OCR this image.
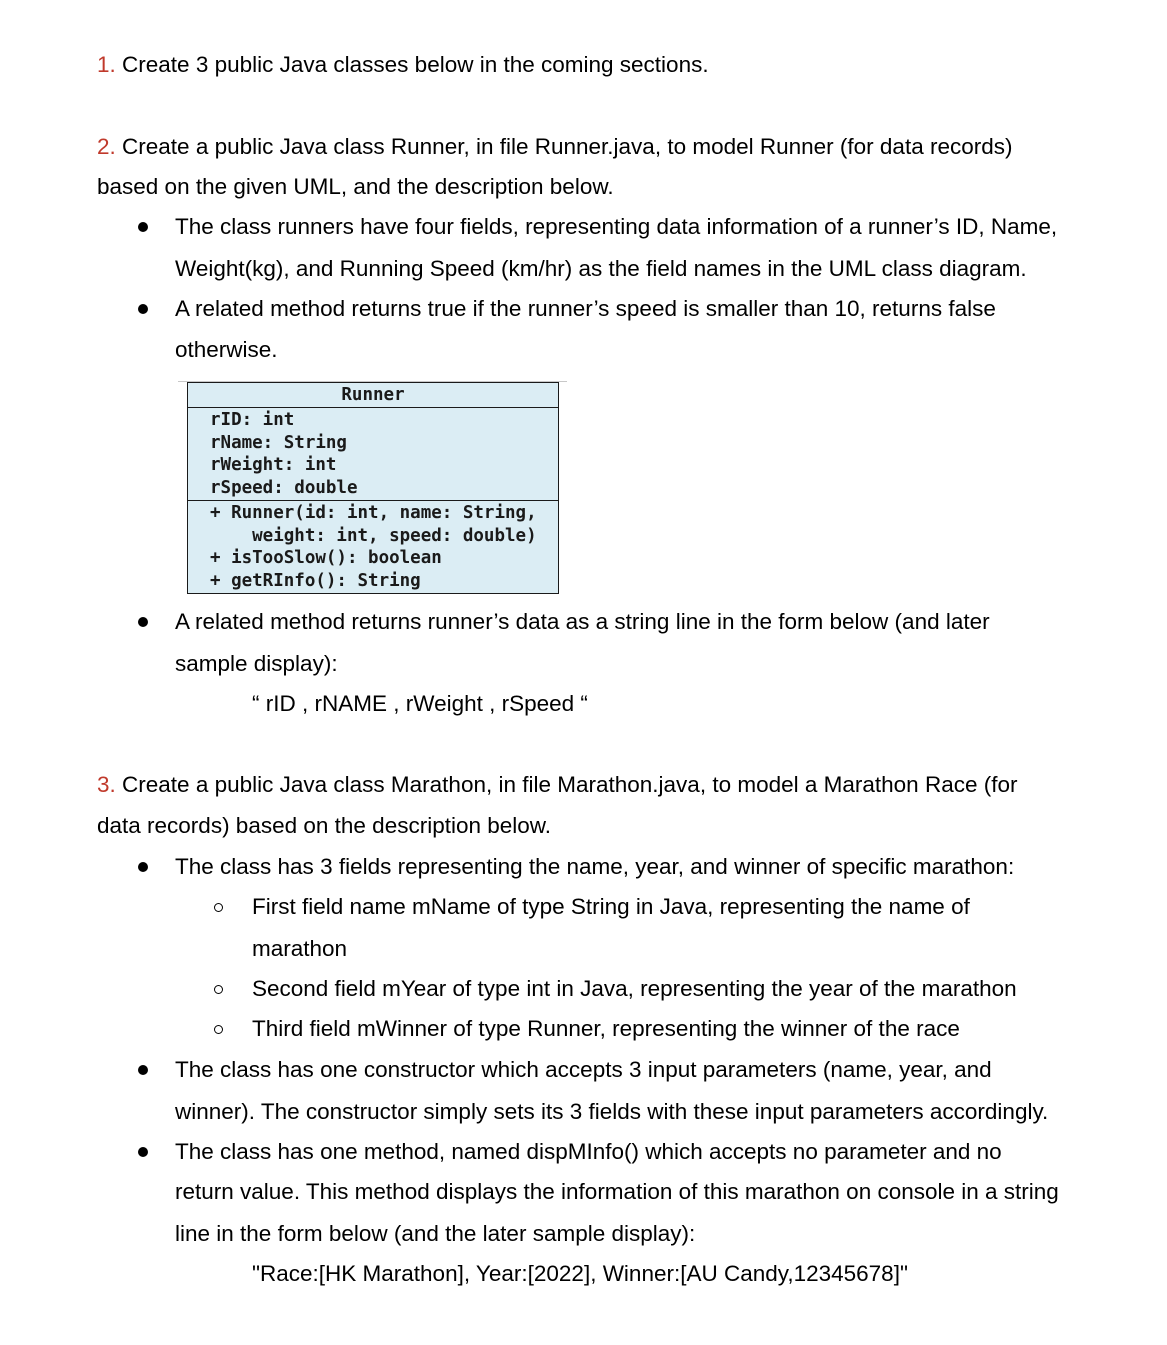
1. Create 3 public Java classes below in the coming sections.
2. Create a public Java class Runner, in file Runner.java, to model Runner (for data records)
based on the given UML, and the description below.
The class runners have four fields, representing data information of a runner’s ID, Name,
Weight(kg), and Running Speed (km/hr) as the field names in the UML class diagram.
A related method returns true if the runner’s speed is smaller than 10, returns false
otherwise.
Runner
rID: int
rName: String
rWeight: int
rSpeed: double
+ Runner(id: int, name: String,
weight: int, speed: double)
+ isTooSlow(): boolean
+ getRInfo(): String
A related method returns runner’s data as a string line in the form below (and later
sample display):
“ rID , rNAME , rWeight , rSpeed “
3. Create a public Java class Marathon, in file Marathon.java, to model a Marathon Race (for
data records) based on the description below.
The class has 3 fields representing the name, year, and winner of specific marathon:
First field name mName of type String in Java, representing the name of
marathon
Second field mYear of type int in Java, representing the year of the marathon
Third field mWinner of type Runner, representing the winner of the race
The class has one constructor which accepts 3 input parameters (name, year, and
winner). The constructor simply sets its 3 fields with these input parameters accordingly.
The class has one method, named dispMInfo() which accepts no parameter and no
return value. This method displays the information of this marathon on console in a string
line in the form below (and the later sample display):
"Race:[HK Marathon], Year:[2022], Winner:[AU Candy,12345678]"
